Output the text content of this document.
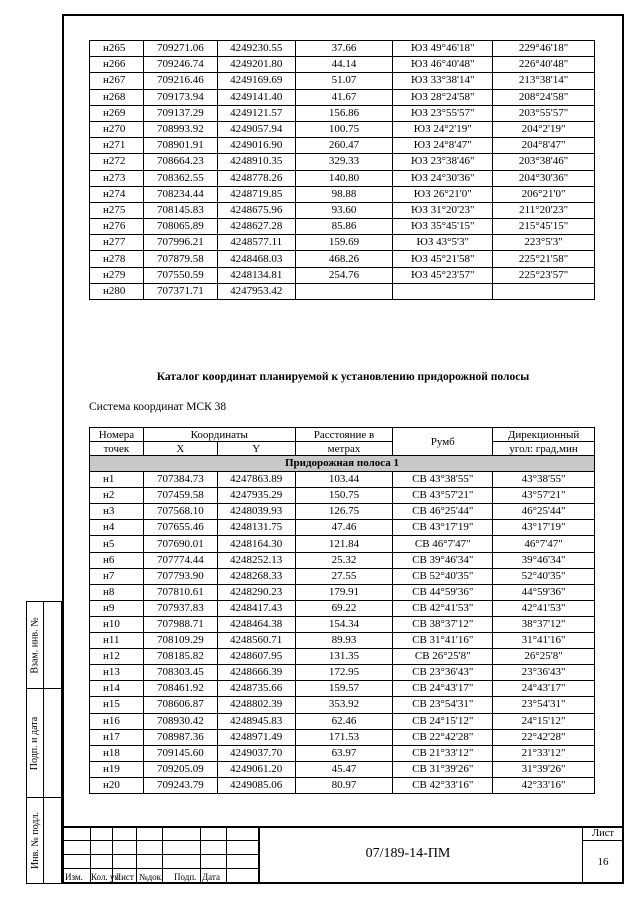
н265	709271.06	4249230.55	37.66	ЮЗ 49°46'18"	229°46'18"
н266	709246.74	4249201.80	44.14	ЮЗ 46°40'48"	226°40'48"
н267	709216.46	4249169.69	51.07	ЮЗ 33°38'14"	213°38'14"
н268	709173.94	4249141.40	41.67	ЮЗ 28°24'58"	208°24'58"
н269	709137.29	4249121.57	156.86	ЮЗ 23°55'57"	203°55'57"
н270	708993.92	4249057.94	100.75	ЮЗ 24°2'19"	204°2'19"
н271	708901.91	4249016.90	260.47	ЮЗ 24°8'47"	204°8'47"
н272	708664.23	4248910.35	329.33	ЮЗ 23°38'46"	203°38'46"
н273	708362.55	4248778.26	140.80	ЮЗ 24°30'36"	204°30'36"
н274	708234.44	4248719.85	98.88	ЮЗ 26°21'0"	206°21'0"
н275	708145.83	4248675.96	93.60	ЮЗ 31°20'23"	211°20'23"
н276	708065.89	4248627.28	85.86	ЮЗ 35°45'15"	215°45'15"
н277	707996.21	4248577.11	159.69	ЮЗ 43°5'3"	223°5'3"
н278	707879.58	4248468.03	468.26	ЮЗ 45°21'58"	225°21'58"
н279	707550.59	4248134.81	254.76	ЮЗ 45°23'57"	225°23'57"
н280	707371.71	4247953.42			
Каталог координат планируемой к установлению придорожной полосы
Система координат МСК 38
Номера	Координаты		Расстояние в	Румб	Дирекционный
точек	X	Y	метрах		угол: град,мин
Придорожная полоса 1					
н1	707384.73	4247863.89	103.44	СВ 43°38'55"	43°38'55"
н2	707459.58	4247935.29	150.75	СВ 43°57'21"	43°57'21"
н3	707568.10	4248039.93	126.75	СВ 46°25'44"	46°25'44"
н4	707655.46	4248131.75	47.46	СВ 43°17'19"	43°17'19"
н5	707690.01	4248164.30	121.84	СВ 46°7'47"	46°7'47"
н6	707774.44	4248252.13	25.32	СВ 39°46'34"	39°46'34"
н7	707793.90	4248268.33	27.55	СВ 52°40'35"	52°40'35"
н8	707810.61	4248290.23	179.91	СВ 44°59'36"	44°59'36"
н9	707937.83	4248417.43	69.22	СВ 42°41'53"	42°41'53"
н10	707988.71	4248464.38	154.34	СВ 38°37'12"	38°37'12"
н11	708109.29	4248560.71	89.93	СВ 31°41'16"	31°41'16"
н12	708185.82	4248607.95	131.35	СВ 26°25'8"	26°25'8"
н13	708303.45	4248666.39	172.95	СВ 23°36'43"	23°36'43"
н14	708461.92	4248735.66	159.57	СВ 24°43'17"	24°43'17"
н15	708606.87	4248802.39	353.92	СВ 23°54'31"	23°54'31"
н16	708930.42	4248945.83	62.46	СВ 24°15'12"	24°15'12"
н17	708987.36	4248971.49	171.53	СВ 22°42'28"	22°42'28"
н18	709145.60	4249037.70	63.97	СВ 21°33'12"	21°33'12"
н19	709205.09	4249061.20	45.47	СВ 31°39'26"	31°39'26"
н20	709243.79	4249085.06	80.97	СВ 42°33'16"	42°33'16"
Взам. инв. №
Подп. и дата
Инв. № подл.
Изм. Кол. уч
Лист №док. Подп. Дата
07/189-14-ПМ
Лист
16
